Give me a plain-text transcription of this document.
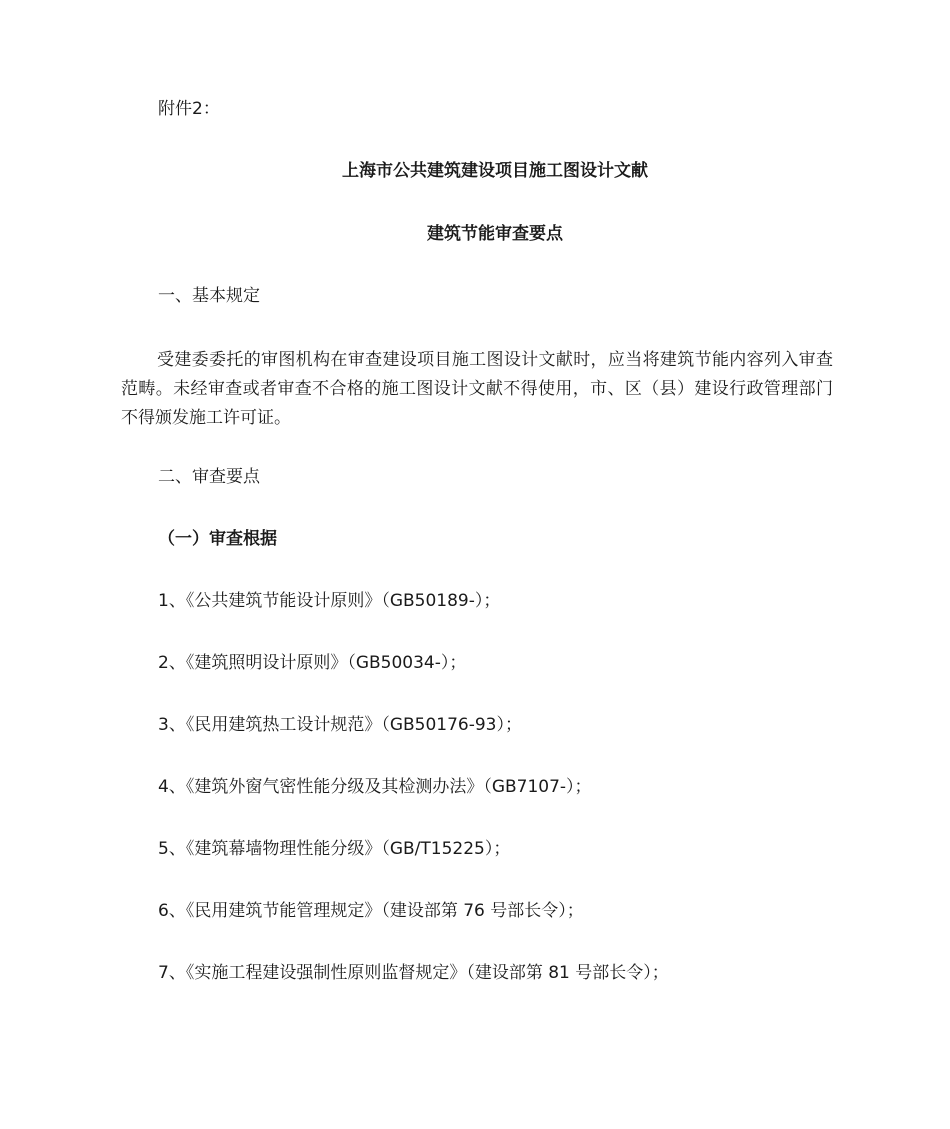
附件2：

上海市公共建筑建设项目施工图设计文献

建筑节能审查要点

一、基本规定

受建委委托的审图机构在审查建设项目施工图设计文献时，应当将建筑节能内容列入审查范畴。未经审查或者审查不合格的施工图设计文献不得使用，市、区（县）建设行政管理部门不得颁发施工许可证。

二、审查要点

（一）审查根据

1、《公共建筑节能设计原则》（GB50189-）；

2、《建筑照明设计原则》（GB50034-）；

3、《民用建筑热工设计规范》（GB50176-93）；

4、《建筑外窗气密性能分级及其检测办法》（GB7107-）；

5、《建筑幕墙物理性能分级》（GB/T15225）；

6、《民用建筑节能管理规定》（建设部第 76 号部长令）；

7、《实施工程建设强制性原则监督规定》（建设部第 81 号部长令）；
